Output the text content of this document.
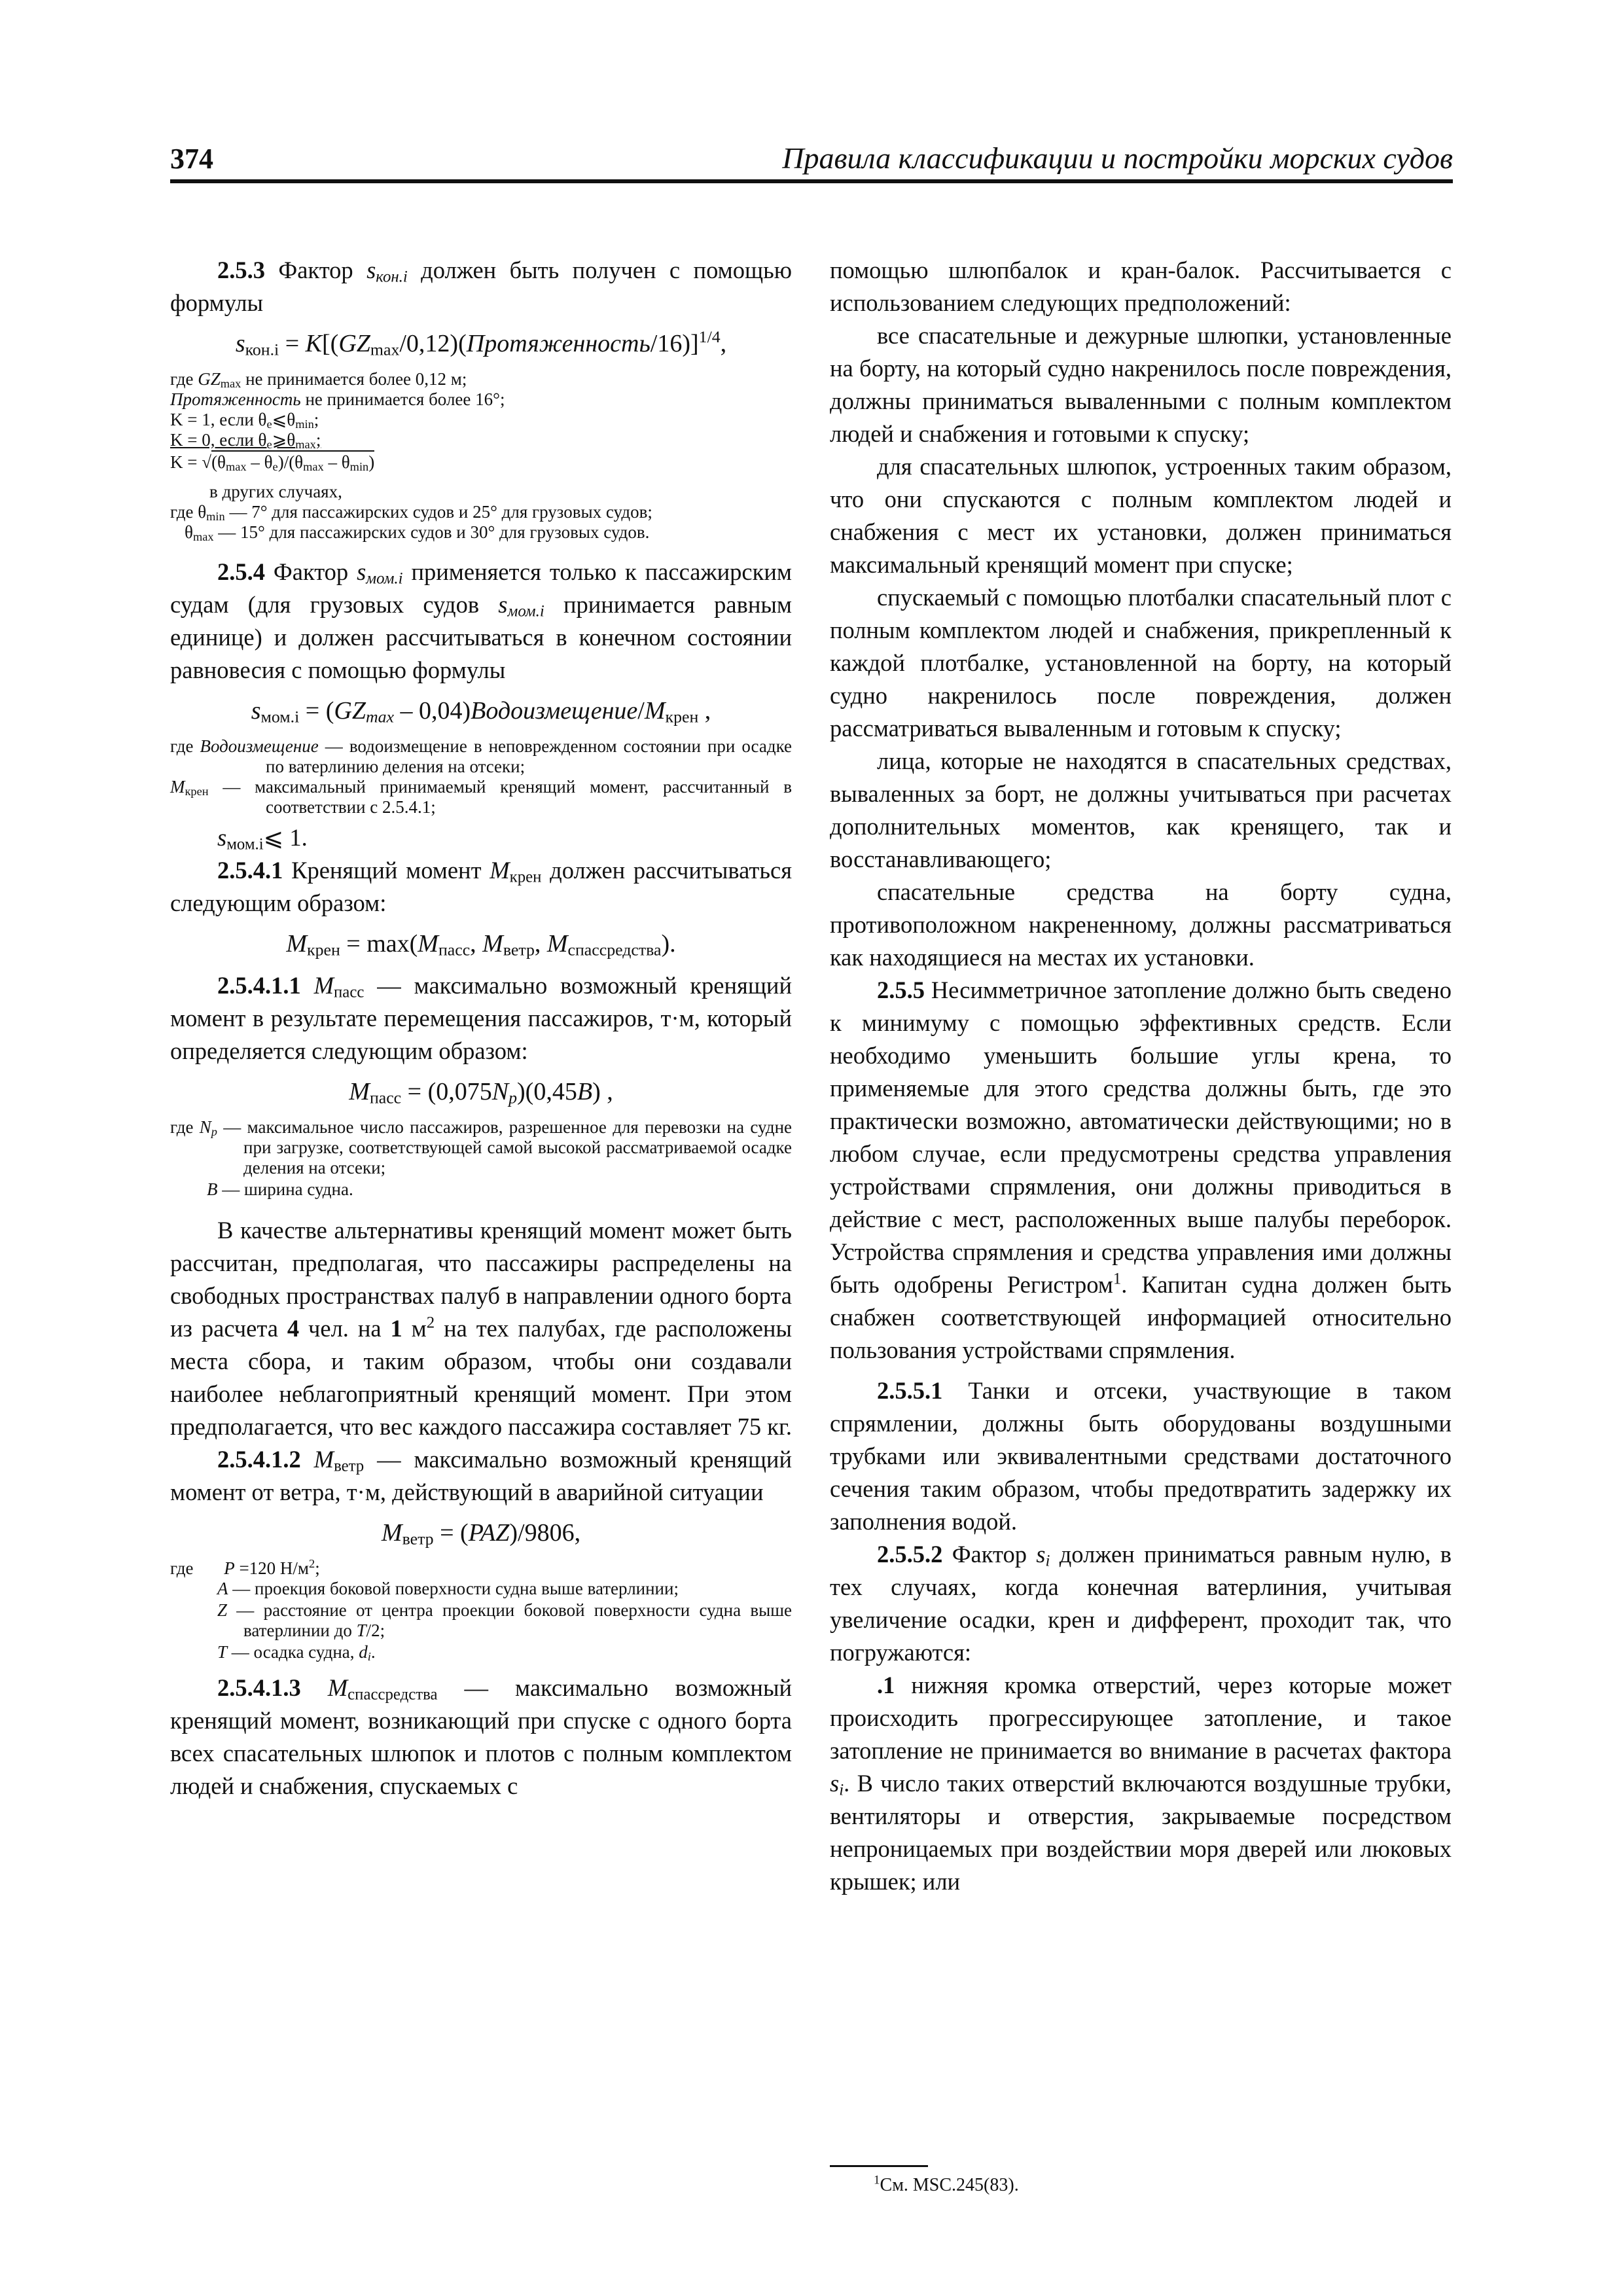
374	Правила классификации и постройки морских судов

2.5.3 Фактор $s_{кон.i}$ должен быть получен с помощью формулы

$s_{кон.i}$ = $K[(GZ_{max}/0,12)(Протяженность/16)]^{1/4}$,

где $GZ_{max}$ не принимается более 0,12 м;

Протяженность не принимается более 16°;

K = 1, если $\theta_e⩽\theta_{min}$;

K = 0, если $\theta_e⩾\theta_{max}$;

$K = √(\theta_{max} - \theta_e)/(\theta_{max} - \theta_{min})$

в других случаях,

где $\theta_{min}$ — 7° для пассажирских судов и 25° для грузовых судов;

$\theta_{max}$ — 15° для пассажирских судов и 30° для грузовых судов.

2.5.4 Фактор $s_{мом.i}$ применяется только к пассажирским судам (для грузовых судов $s_{мом.i}$ принимается равным единице) и должен рассчитываться в конечном состоянии равновесия с помощью формулы

$s_{мом.i} = (GZ_{max}$ – $0,04)Водоизмещение/M_{крен}$ ,

где Водоизмещение — водоизмещение в неповрежденном состоянии при осадке по ватерлинию деления на отсеки;

$M_{крен}$ — максимальный принимаемый кренящий момент, рассчитанный в соответствии с 2.5.4.1;

$s_{мом.i}⩽$ 1.

2.5.4.1 Кренящий момент $M_{крен}$ должен рассчитываться следующим образом:

$M_{крен} = \max(M_{пасс}$, $M_{ветр}$, $M_{спассредства}$).

2.5.4.1.1 $M_{пасс}$ — максимально возможный кренящий момент в результате перемещения пассажиров, т·м, который определяется следующим образом:

$M_{пасс} = (0,075N_p)(0,45B)$ ,

где $N_p$ — максимальное число пассажиров, разрешенное для перевозки на судне при загрузке, соответствующей самой высокой рассматриваемой осадке деления на отсеки;

B — ширина судна.

В качестве альтернативы кренящий момент может быть рассчитан, предполагая, что пассажиры распределены на свободных пространствах палуб в направлении одного борта из расчета 4 чел. на 1 $м^2$ на тех палубах, где расположены места сбора, и таким образом, чтобы они создавали наиболее неблагоприятный кренящий момент. При этом предполагается, что вес каждого пассажира составляет 75 кг.

2.5.4.1.2 $M_{ветр}$ — максимально возможный кренящий момент от ветра, т·м, действующий в аварийной ситуации

$M_{ветр} = (PAZ)/9806$,

где P =120 $Н/м^2$;

A — проекция боковой поверхности судна выше ватерлинии;

Z — расстояние от центра проекции боковой поверхности судна выше ватерлинии до T/2;

T — осадка судна, $d_i$.

2.5.4.1.3 $M_{спассредства}$ — максимально возможный кренящий момент, возникающий при спуске с одного борта всех спасательных шлюпок и плотов с полным комплектом людей и снабжения, спускаемых с

помощью шлюпбалок и кран-балок. Рассчитывается с использованием следующих предположений:

все спасательные и дежурные шлюпки, установленные на борту, на который судно накренилось после повреждения, должны приниматься вываленными с полным комплектом людей и снабжения и готовыми к спуску;

для спасательных шлюпок, устроенных таким образом, что они спускаются с полным комплектом людей и снабжения с мест их установки, должен приниматься максимальный кренящий момент при спуске;

спускаемый с помощью плотбалки спасательный плот с полным комплектом людей и снабжения, прикрепленный к каждой плотбалке, установленной на борту, на который судно накренилось после повреждения, должен рассматриваться вываленным и готовым к спуску;

лица, которые не находятся в спасательных средствах, вываленных за борт, не должны учитываться при расчетах дополнительных моментов, как кренящего, так и восстанавливающего;

спасательные средства на борту судна, противоположном накрененному, должны рассматриваться как находящиеся на местах их установки.

2.5.5 Несимметричное затопление должно быть сведено к минимуму с помощью эффективных средств. Если необходимо уменьшить большие углы крена, то применяемые для этого средства должны быть, где это практически возможно, автоматически действующими; но в любом случае, если предусмотрены средства управления устройствами спрямления, они должны приводиться в действие с мест, расположенных выше палубы переборок. Устройства спрямления и средства управления ими должны быть одобрены Регистром$^1$. Капитан судна должен быть снабжен соответствующей информацией относительно пользования устройствами спрямления.

2.5.5.1 Танки и отсеки, участвующие в таком спрямлении, должны быть оборудованы воздушными трубками или эквивалентными средствами достаточного сечения таким образом, чтобы предотвратить задержку их заполнения водой.

2.5.5.2 Фактор $s_i$ должен приниматься равным нулю, в тех случаях, когда конечная ватерлиния, учитывая увеличение осадки, крен и дифферент, проходит так, что погружаются:

.1 нижняя кромка отверстий, через которые может происходить прогрессирующее затопление, и такое затопление не принимается во внимание в расчетах фактора $s_i$. В число таких отверстий включаются воздушные трубки, вентиляторы и отверстия, закрываемые посредством непроницаемых при воздействии моря дверей или люковых крышек; или

$^1$См. MSC.245(83).
